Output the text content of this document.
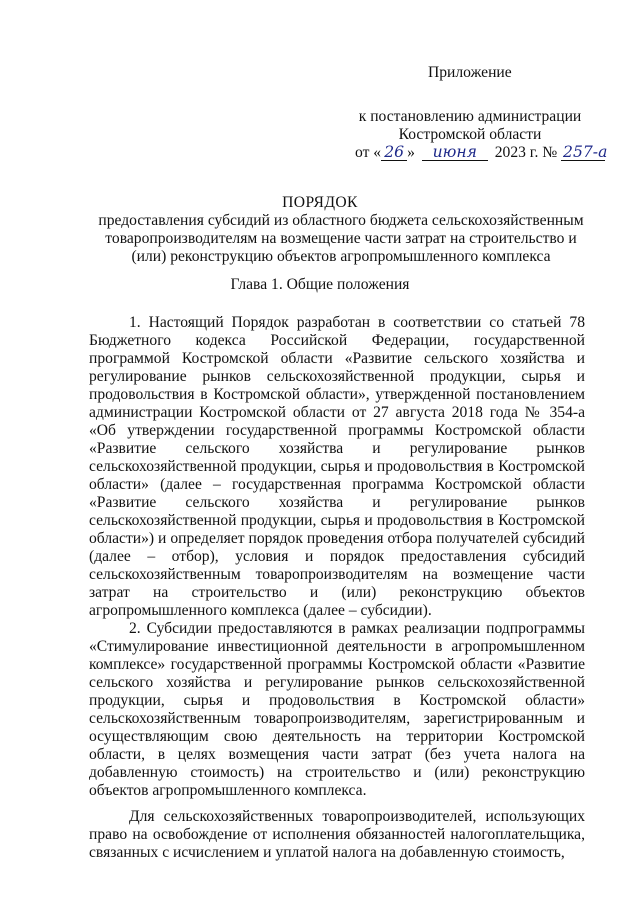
Приложение
к постановлению администрации
Костромской области
от « 26 » июня 2023 г. № 257-а
ПОРЯДОК
предоставления субсидий из областного бюджета сельскохозяйственным товаропроизводителям на возмещение части затрат на строительство и (или) реконструкцию объектов агропромышленного комплекса
Глава 1. Общие положения

1. Настоящий Порядок разработан в соответствии со статьей 78 Бюджетного кодекса Российской Федерации, государственной программой Костромской области «Развитие сельского хозяйства и регулирование рынков сельскохозяйственной продукции, сырья и продовольствия в Костромской области», утвержденной постановлением администрации Костромской области от 27 августа 2018 года № 354-а «Об утверждении государственной программы Костромской области «Развитие сельского хозяйства и регулирование рынков сельскохозяйственной продукции, сырья и продовольствия в Костромской области» (далее – государственная программа Костромской области «Развитие сельского хозяйства и регулирование рынков сельскохозяйственной продукции, сырья и продовольствия в Костромской области») и определяет порядок проведения отбора получателей субсидий (далее – отбор), условия и порядок предоставления субсидий сельскохозяйственным товаропроизводителям на возмещение части затрат на строительство и (или) реконструкцию объектов агропромышленного комплекса (далее – субсидии).

2. Субсидии предоставляются в рамках реализации подпрограммы «Стимулирование инвестиционной деятельности в агропромышленном комплексе» государственной программы Костромской области «Развитие сельского хозяйства и регулирование рынков сельскохозяйственной продукции, сырья и продовольствия в Костромской области» сельскохозяйственным товаропроизводителям, зарегистрированным и осуществляющим свою деятельность на территории Костромской области, в целях возмещения части затрат (без учета налога на добавленную стоимость) на строительство и (или) реконструкцию объектов агропромышленного комплекса.

Для сельскохозяйственных товаропроизводителей, использующих право на освобождение от исполнения обязанностей налогоплательщика, связанных с исчислением и уплатой налога на добавленную стоимость,
